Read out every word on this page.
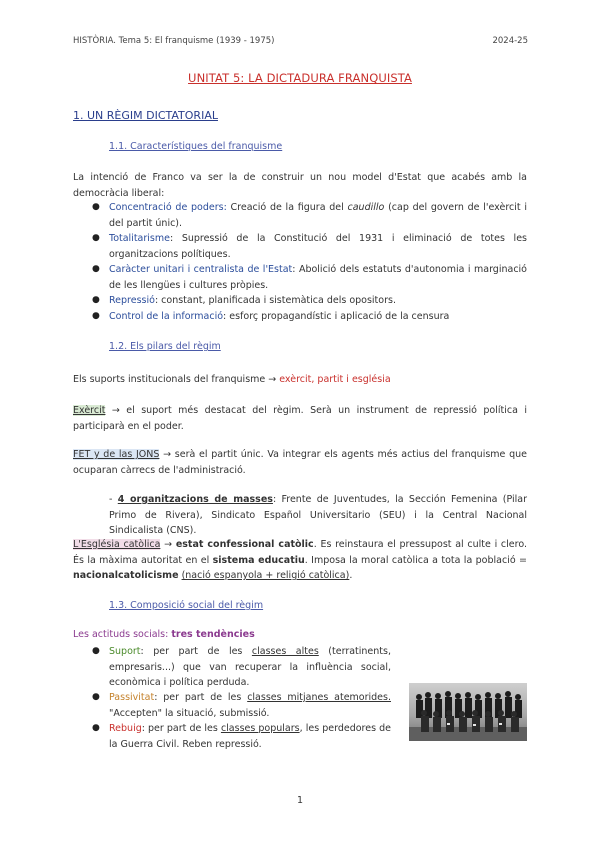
HISTÒRIA. Tema 5: El franquisme (1939 - 1975)	2024-25
UNITAT 5: LA DICTADURA FRANQUISTA
1. UN RÈGIM DICTATORIAL
1.1. Característiques del franquisme
La intenció de Franco va ser la de construir un nou model d'Estat que acabés amb la democràcia liberal:
● Concentració de poders: Creació de la figura del caudillo (cap del govern de l'exèrcit i del partit únic).
● Totalitarisme: Supressió de la Constitució del 1931 i eliminació de totes les organitzacions polítiques.
● Caràcter unitari i centralista de l'Estat: Abolició dels estatuts d'autonomia i marginació de les llengües i cultures pròpies.
● Repressió: constant, planificada i sistemàtica dels opositors.
● Control de la informació: esforç propagandístic i aplicació de la censura
1.2. Els pilars del règim
Els suports institucionals del franquisme → exèrcit, partit i església
Exèrcit → el suport més destacat del règim. Serà un instrument de repressió política i participarà en el poder.
FET y de las JONS → serà el partit únic. Va integrar els agents més actius del franquisme que ocuparan càrrecs de l'administració.
- 4 organitzacions de masses: Frente de Juventudes, la Sección Femenina (Pilar Primo de Rivera), Sindicato Español Universitario (SEU) i la Central Nacional Sindicalista (CNS).
L'Església catòlica → estat confessional catòlic. Es reinstaura el pressupost al culte i clero. És la màxima autoritat en el sistema educatiu. Imposa la moral catòlica a tota la població = nacionalcatolicisme (nació espanyola + religió catòlica).
1.3. Composició social del règim
Les actituds socials: tres tendències
● Suport: per part de les classes altes (terratinents, empresaris...) que van recuperar la influència social, econòmica i política perduda.
● Passivitat: per part de les classes mitjanes atemorides. "Accepten" la situació, submissió.
● Rebuig: per part de les classes populars, les perdedores de la Guerra Civil. Reben repressió.
1
